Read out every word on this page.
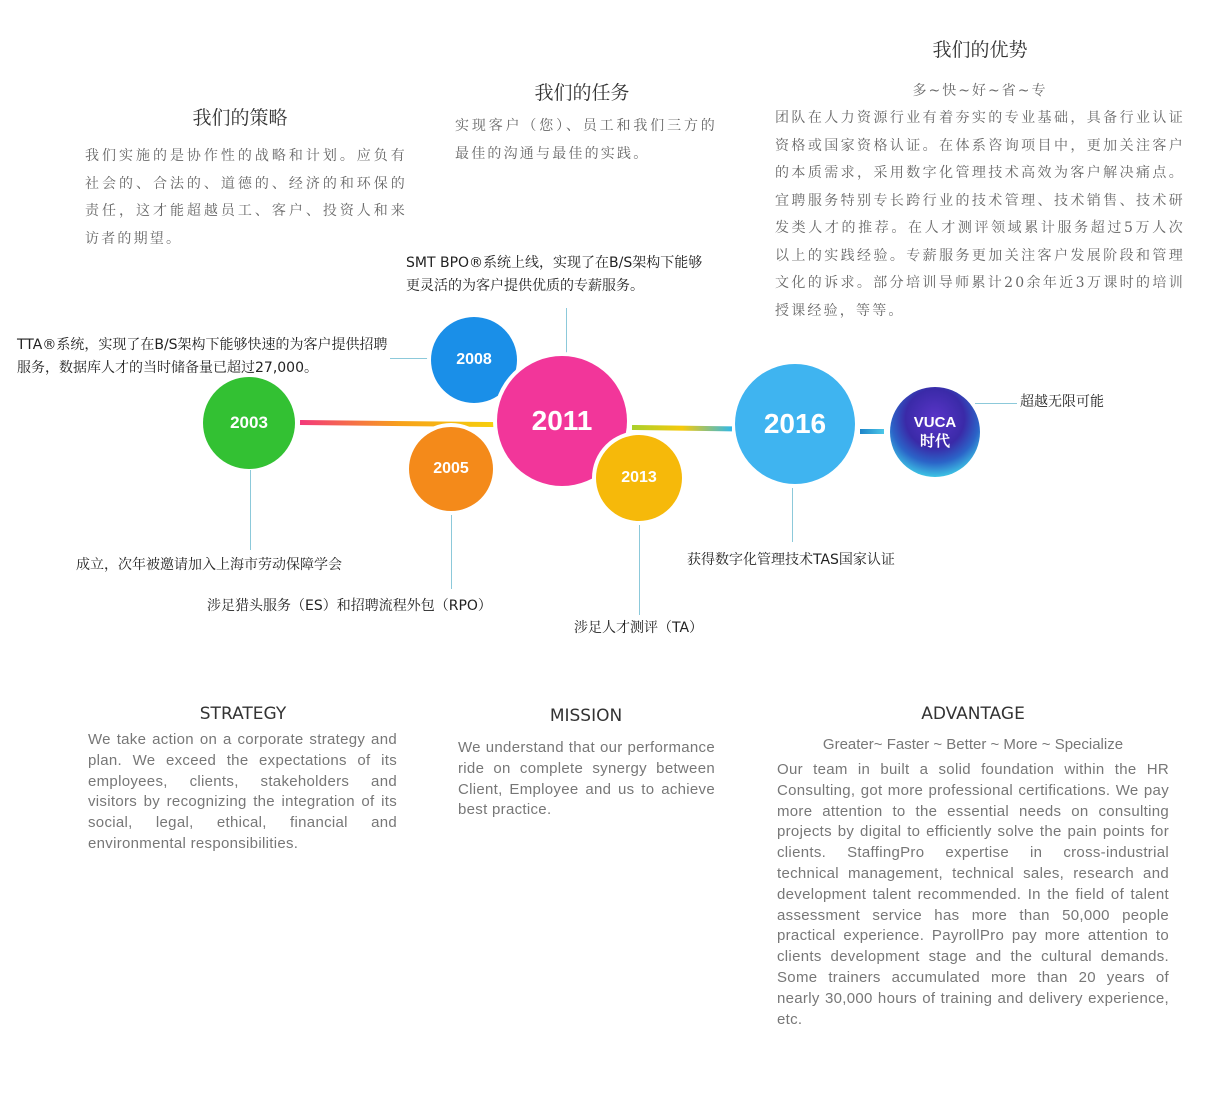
我们的策略
我们实施的是协作性的战略和计划。应负有社会的、合法的、道德的、经济的和环保的责任，这才能超越员工、客户、投资人和来访者的期望。
我们的任务
实现客户（您）、员工和我们三方的最佳的沟通与最佳的实践。
我们的优势
多~快~好~省~专
团队在人力资源行业有着夯实的专业基础，具备行业认证资格或国家资格认证。在体系咨询项目中，更加关注客户的本质需求，采用数字化管理技术高效为客户解决痛点。宜聘服务特别专长跨行业的技术管理、技术销售、技术研发类人才的推荐。在人才测评领域累计服务超过5万人次以上的实践经验。专薪服务更加关注客户发展阶段和管理文化的诉求。部分培训导师累计20余年近3万课时的培训授课经验，等等。
2003
2005
2008
2011
2013
2016	VUCA
时代
TTA®系统，实现了在B/S架构下能够快速的为客户提供招聘服务，数据库人才的当时储备量已超过27,000。
SMT BPO®系统上线，实现了在B/S架构下能够更灵活的为客户提供优质的专薪服务。
成立，次年被邀请加入上海市劳动保障学会
涉足猎头服务（ES）和招聘流程外包（RPO）
涉足人才测评（TA）
获得数字化管理技术TAS国家认证
超越无限可能
STRATEGY
We take action on a corporate strategy and plan. We exceed the expectations of its employees, clients, stakeholders and visitors by recognizing the integration of its social, legal, ethical, financial and environmental responsibilities.
MISSION
We understand that our performance ride on complete synergy between Client, Employee and us to achieve best practice.
ADVANTAGE
Greater~ Faster ~ Better ~ More ~ Specialize
Our team in built a solid foundation within the HR Consulting, got more professional certifications. We pay more attention to the essential needs on consulting projects by digital to efficiently solve the pain points for clients. StaffingPro expertise in cross-industrial technical management, technical sales, research and development talent recommended. In the field of talent assessment service has more than 50,000 people practical experience. PayrollPro pay more attention to clients development stage and the cultural demands. Some trainers accumulated more than 20 years of nearly 30,000 hours of training and delivery experience, etc.
